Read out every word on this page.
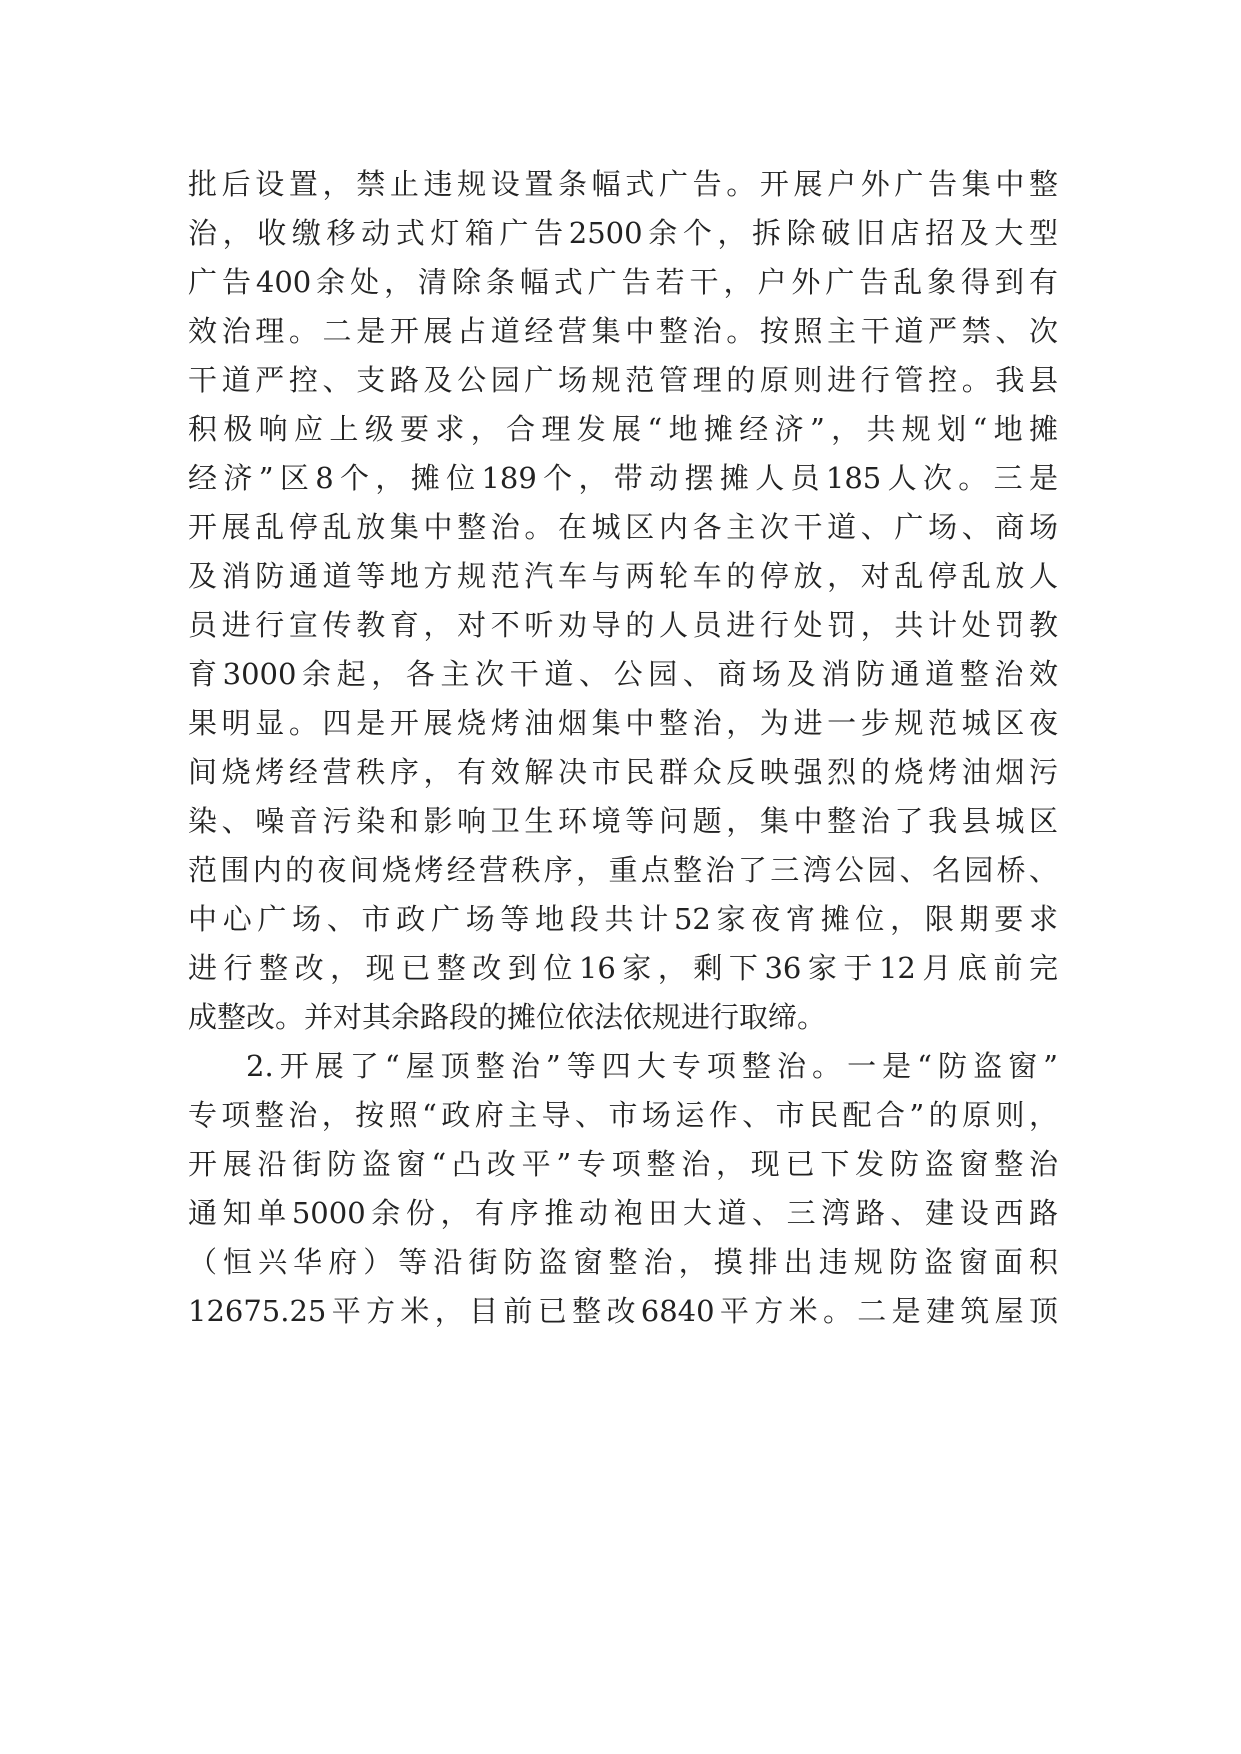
批后设置，禁止违规设置条幅式广告。开展户外广告集中整
治，收缴移动式灯箱广告2500余个，拆除破旧店招及大型
广告400余处，清除条幅式广告若干，户外广告乱象得到有
效治理。二是开展占道经营集中整治。按照主干道严禁、次
干道严控、支路及公园广场规范管理的原则进行管控。我县
积极响应上级要求，合理发展“地摊经济”，共规划“地摊
经济”区8个，摊位189个，带动摆摊人员185人次。三是
开展乱停乱放集中整治。在城区内各主次干道、广场、商场
及消防通道等地方规范汽车与两轮车的停放，对乱停乱放人
员进行宣传教育，对不听劝导的人员进行处罚，共计处罚教
育3000余起，各主次干道、公园、商场及消防通道整治效
果明显。四是开展烧烤油烟集中整治，为进一步规范城区夜
间烧烤经营秩序，有效解决市民群众反映强烈的烧烤油烟污
染、噪音污染和影响卫生环境等问题，集中整治了我县城区
范围内的夜间烧烤经营秩序，重点整治了三湾公园、名园桥、
中心广场、市政广场等地段共计52家夜宵摊位，限期要求
进行整改，现已整改到位16家，剩下36家于12月底前完
成整改。并对其余路段的摊位依法依规进行取缔。
2.开展了“屋顶整治”等四大专项整治。一是“防盗窗”
专项整治，按照“政府主导、市场运作、市民配合”的原则，
开展沿街防盗窗“凸改平”专项整治，现已下发防盗窗整治
通知单5000余份，有序推动袍田大道、三湾路、建设西路
（恒兴华府）等沿街防盗窗整治，摸排出违规防盗窗面积
12675.25平方米，目前已整改6840平方米。二是建筑屋顶
